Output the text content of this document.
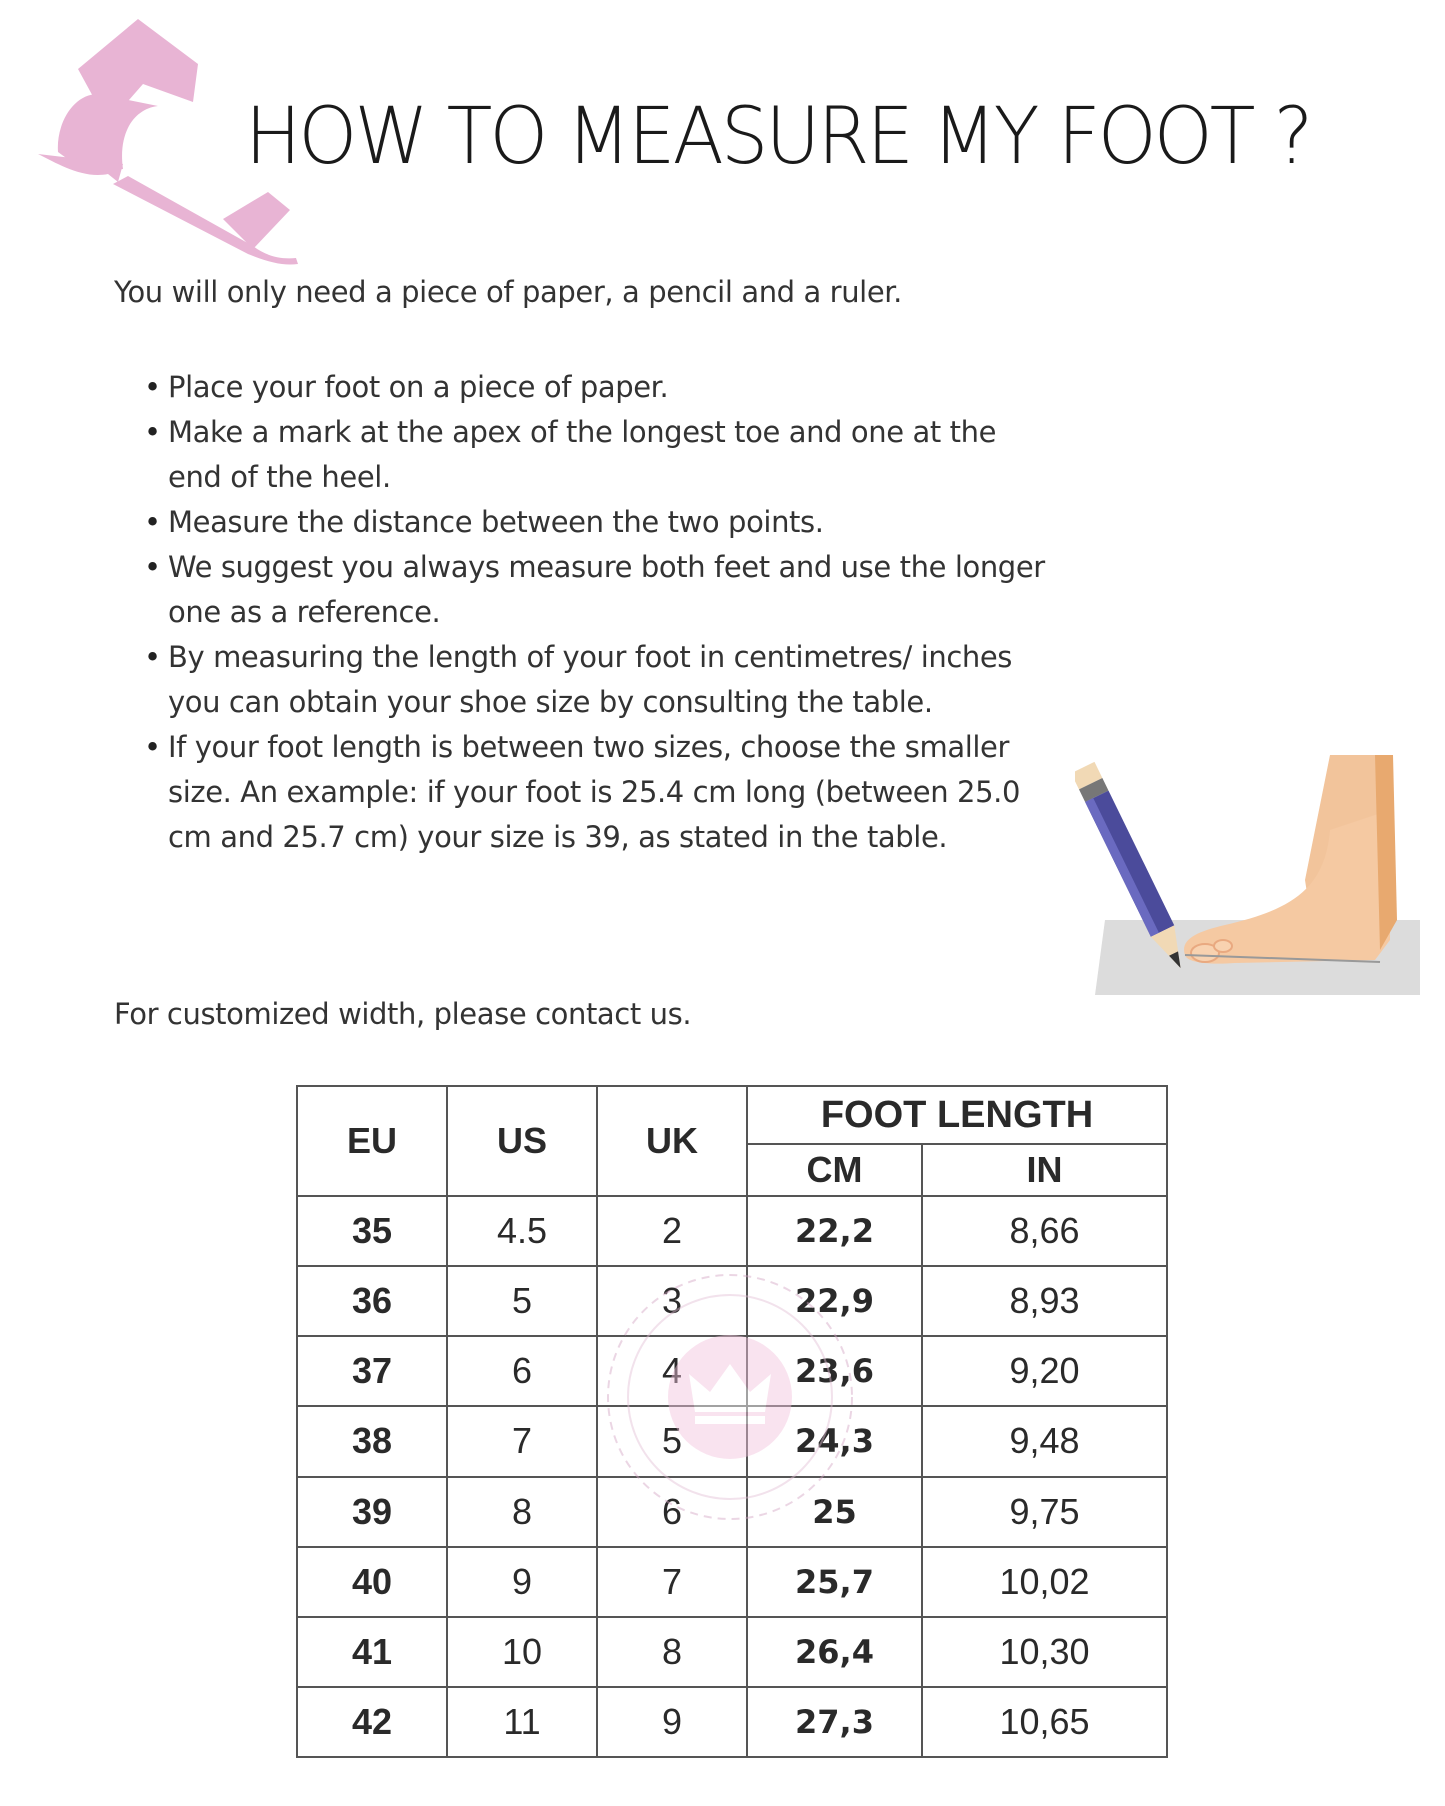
HOW TO MEASURE MY FOOT ?

You will only need a piece of paper, a pencil and a ruler.

• Place your foot on a piece of paper.
• Make a mark at the apex of the longest toe and one at the end of the heel.
• Measure the distance between the two points.
• We suggest you always measure both feet and use the longer one as a reference.
• By measuring the length of your foot in centimetres/ inches you can obtain your shoe size by consulting the table.
• If your foot length is between two sizes, choose the smaller size. An example: if your foot is 25.4 cm long (between 25.0 cm and 25.7 cm) your size is 39, as stated in the table.

For customized width, please contact us.

EU	US	UK	FOOT LENGTH	
			CM	IN
35	4.5	2	22,2	8,66
36	5	3	22,9	8,93
37	6	4	23,6	9,20
38	7	5	24,3	9,48
39	8	6	25	9,75
40	9	7	25,7	10,02
41	10	8	26,4	10,30
42	11	9	27,3	10,65
